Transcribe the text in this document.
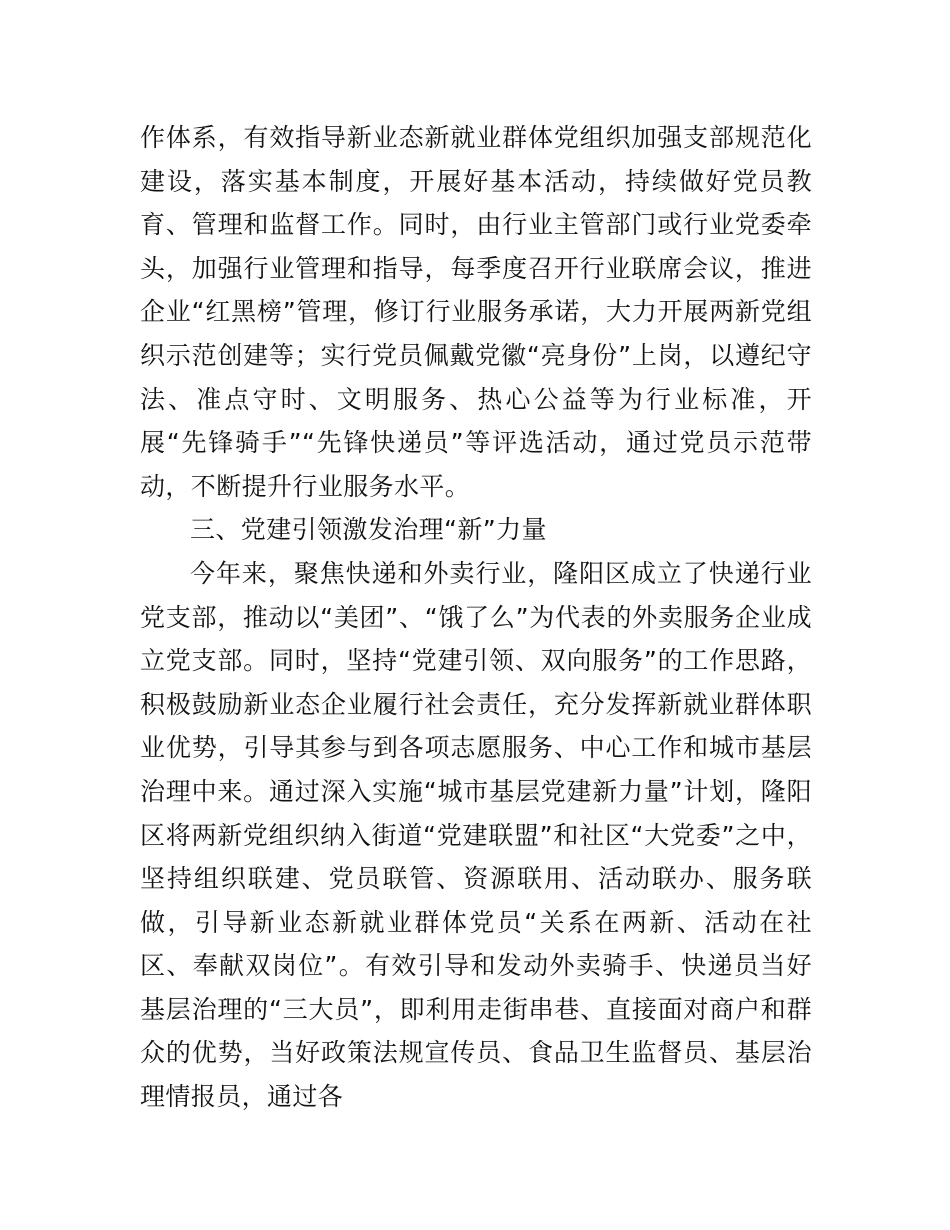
作体系，有效指导新业态新就业群体党组织加强支部规范化建设，落实基本制度，开展好基本活动，持续做好党员教育、管理和监督工作。同时，由行业主管部门或行业党委牵头，加强行业管理和指导，每季度召开行业联席会议，推进企业“红黑榜”管理，修订行业服务承诺，大力开展两新党组织示范创建等；实行党员佩戴党徽“亮身份”上岗，以遵纪守法、准点守时、文明服务、热心公益等为行业标准，开展“先锋骑手”“先锋快递员”等评选活动，通过党员示范带动，不断提升行业服务水平。

三、党建引领激发治理“新”力量

今年来，聚焦快递和外卖行业，隆阳区成立了快递行业党支部，推动以“美团”、“饿了么”为代表的外卖服务企业成立党支部。同时，坚持“党建引领、双向服务”的工作思路，积极鼓励新业态企业履行社会责任，充分发挥新就业群体职业优势，引导其参与到各项志愿服务、中心工作和城市基层治理中来。通过深入实施“城市基层党建新力量”计划，隆阳区将两新党组织纳入街道“党建联盟”和社区“大党委”之中，坚持组织联建、党员联管、资源联用、活动联办、服务联做，引导新业态新就业群体党员“关系在两新、活动在社区、奉献双岗位”。有效引导和发动外卖骑手、快递员当好基层治理的“三大员”，即利用走街串巷、直接面对商户和群众的优势，当好政策法规宣传员、食品卫生监督员、基层治理情报员，通过各
